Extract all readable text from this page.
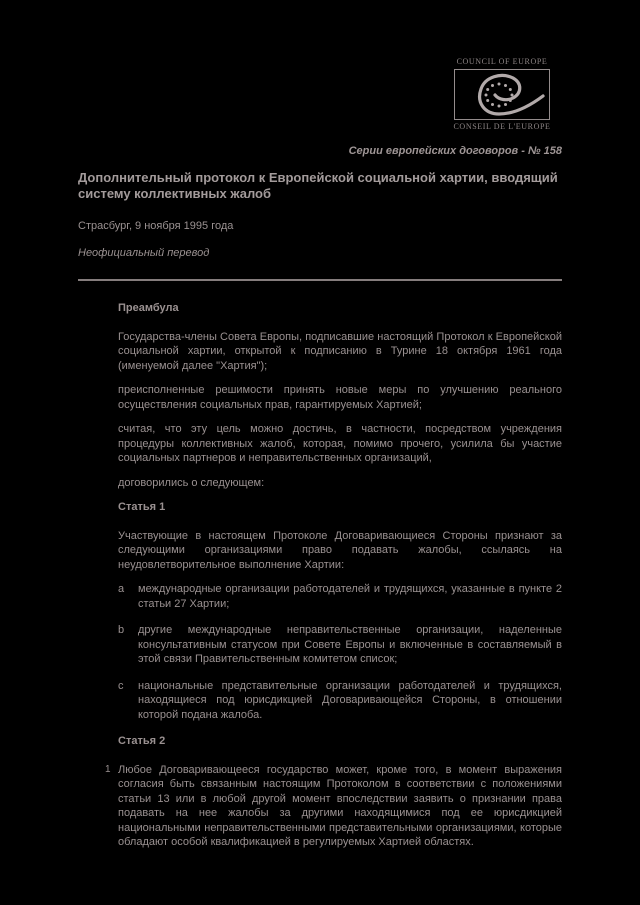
COUNCIL OF EUROPE
CONSEIL DE L'EUROPE
Серии европейских договоров - № 158
Дополнительный протокол к Европейской социальной хартии, вводящий систему коллективных жалоб
Страсбург, 9 ноября 1995 года
Неофициальный перевод
Преамбула

Государства-члены Совета Европы, подписавшие настоящий Протокол к Европейской социальной хартии, открытой к подписанию в Турине 18 октября 1961 года (именуемой далее "Хартия");

преисполненные решимости принять новые меры по улучшению реального осуществления социальных прав, гарантируемых Хартией;

считая, что эту цель можно достичь, в частности, посредством учреждения процедуры коллективных жалоб, которая, помимо прочего, усилила бы участие социальных партнеров и неправительственных организаций,

договорились о следующем:

Статья 1

Участвующие в настоящем Протоколе Договаривающиеся Стороны признают за следующими организациями право подавать жалобы, ссылаясь на неудовлетворительное выполнение Хартии:

a международные организации работодателей и трудящихся, указанные в пункте 2 статьи 27 Хартии;
b другие международные неправительственные организации, наделенные консультативным статусом при Совете Европы и включенные в составляемый в этой связи Правительственным комитетом список;
c национальные представительные организации работодателей и трудящихся, находящиеся под юрисдикцией Договаривающейся Стороны, в отношении которой подана жалоба.
Статья 2
1 Любое Договаривающееся государство может, кроме того, в момент выражения согласия быть связанным настоящим Протоколом в соответствии с положениями статьи 13 или в любой другой момент впоследствии заявить о признании права подавать на нее жалобы за другими находящимися под ее юрисдикцией национальными неправительственными представительными организациями, которые обладают особой квалификацией в регулируемых Хартией областях.
